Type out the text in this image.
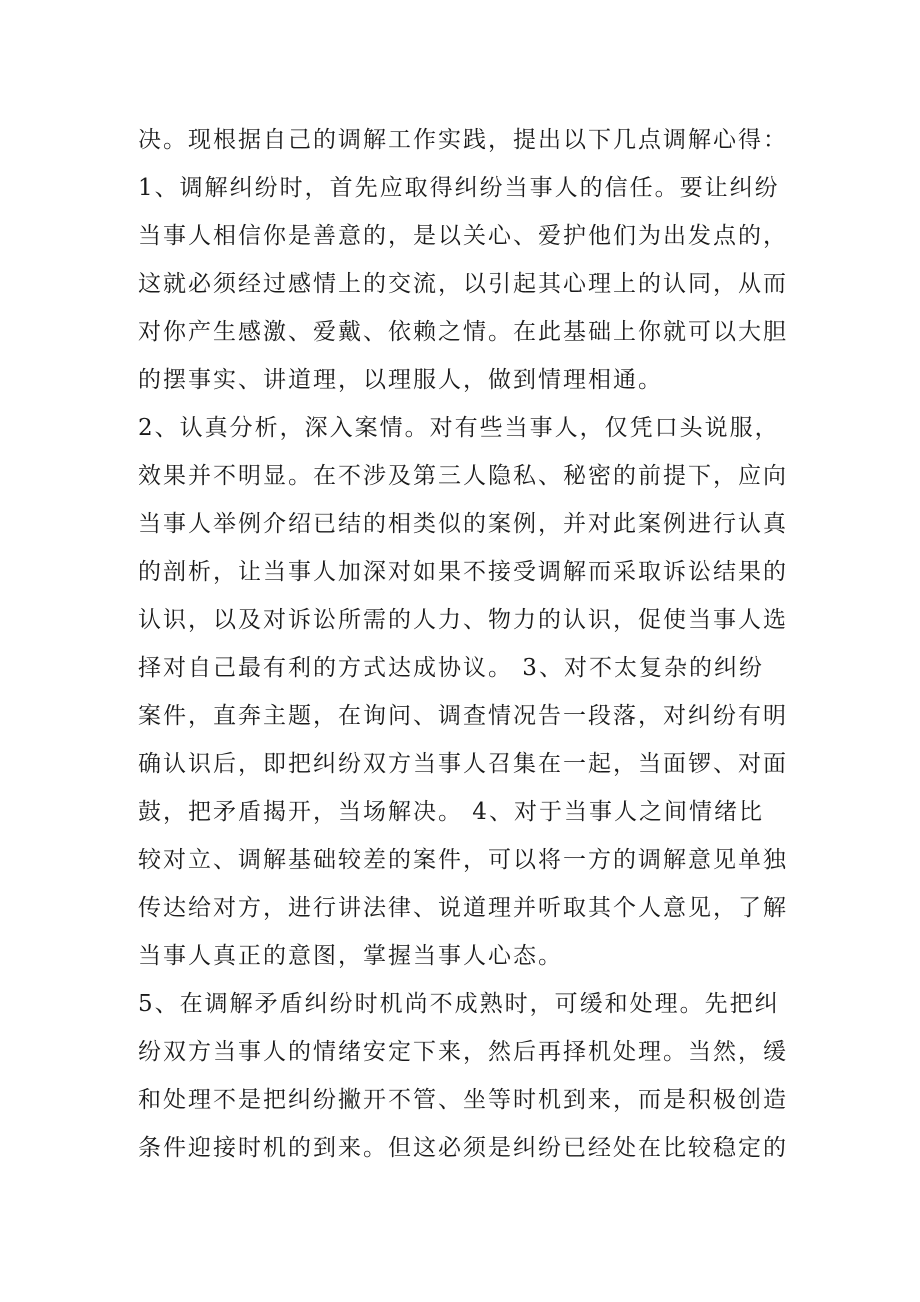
决。现根据自己的调解工作实践，提出以下几点调解心得：
1、调解纠纷时，首先应取得纠纷当事人的信任。要让纠纷
当事人相信你是善意的，是以关心、爱护他们为出发点的，
这就必须经过感情上的交流，以引起其心理上的认同，从而
对你产生感激、爱戴、依赖之情。在此基础上你就可以大胆
的摆事实、讲道理，以理服人，做到情理相通。
2、认真分析，深入案情。对有些当事人，仅凭口头说服，
效果并不明显。在不涉及第三人隐私、秘密的前提下，应向
当事人举例介绍已结的相类似的案例，并对此案例进行认真
的剖析，让当事人加深对如果不接受调解而采取诉讼结果的
认识，以及对诉讼所需的人力、物力的认识，促使当事人选
择对自己最有利的方式达成协议。 3、对不太复杂的纠纷
案件，直奔主题，在询问、调查情况告一段落，对纠纷有明
确认识后，即把纠纷双方当事人召集在一起，当面锣、对面
鼓，把矛盾揭开，当场解决。 4、对于当事人之间情绪比
较对立、调解基础较差的案件，可以将一方的调解意见单独
传达给对方，进行讲法律、说道理并听取其个人意见，了解
当事人真正的意图，掌握当事人心态。
5、在调解矛盾纠纷时机尚不成熟时，可缓和处理。先把纠
纷双方当事人的情绪安定下来，然后再择机处理。当然，缓
和处理不是把纠纷撇开不管、坐等时机到来，而是积极创造
条件迎接时机的到来。但这必须是纠纷已经处在比较稳定的
